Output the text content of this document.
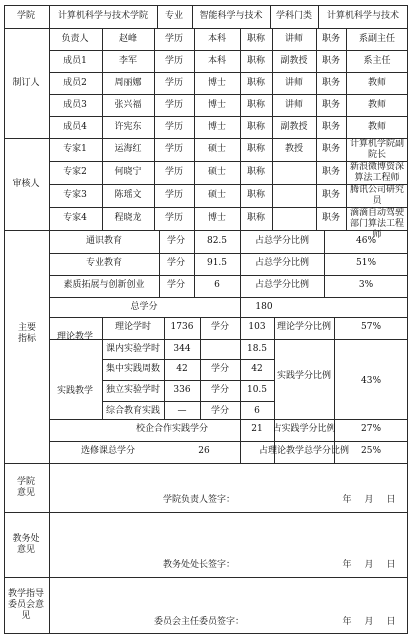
学院	计算机科学与技术学院 专业 智能科学与技术 学科门类 计算机科学与技术
制订人
负责人	赵峰	学历	本科 职称 讲师 职务	系副主任
成员1	李军	学历	本科 职称 副教授 职务	系主任
成员2	周丽娜	学历	博士 职称 讲师 职务	教师
成员3	张兴福	学历	博士 职称 讲师 职务	教师
成员4	许宪东	学历	博士 职称 副教授 职务	教师
审核人
专家1	运海红	学历	硕士 职称 教授 职务	计算机学院副院长
专家2	何晓宁	学历	硕士 职称	职务	新浪微博资深算法工程师
专家3	陈瑶文	学历	硕士 职称	职务	腾讯公司研究员
专家4	程晓龙	学历	博士 职称	职务	滴滴自动驾驶部门算法工程师
主要指标
通识教育	学分 82.5	占总学分比例	46%
专业教育	学分 91.5	占总学分比例	51%
素质拓展与创新创业 学分	6	占总学分比例	3%
总学分	180
理论教学
理论学时 1736 学分 103 理论学分比例	57%
实践教学
课内实验学时 344	18.5
集中实践周数 42	学分 42
独立实验学时 336 学分 10.5
综合教育实践 —	学分	6
实践学分比例	43%
校企合作实践学分	21 占实践学分比例	27%
选修课总学分	26	占理论教学总学分比例 25%
学院意见
学院负责人签字：	年 月 日
教务处意见
教务处处长签字：	年 月 日
教学指导委员会意见
委员会主任委员签字：	年 月 日
